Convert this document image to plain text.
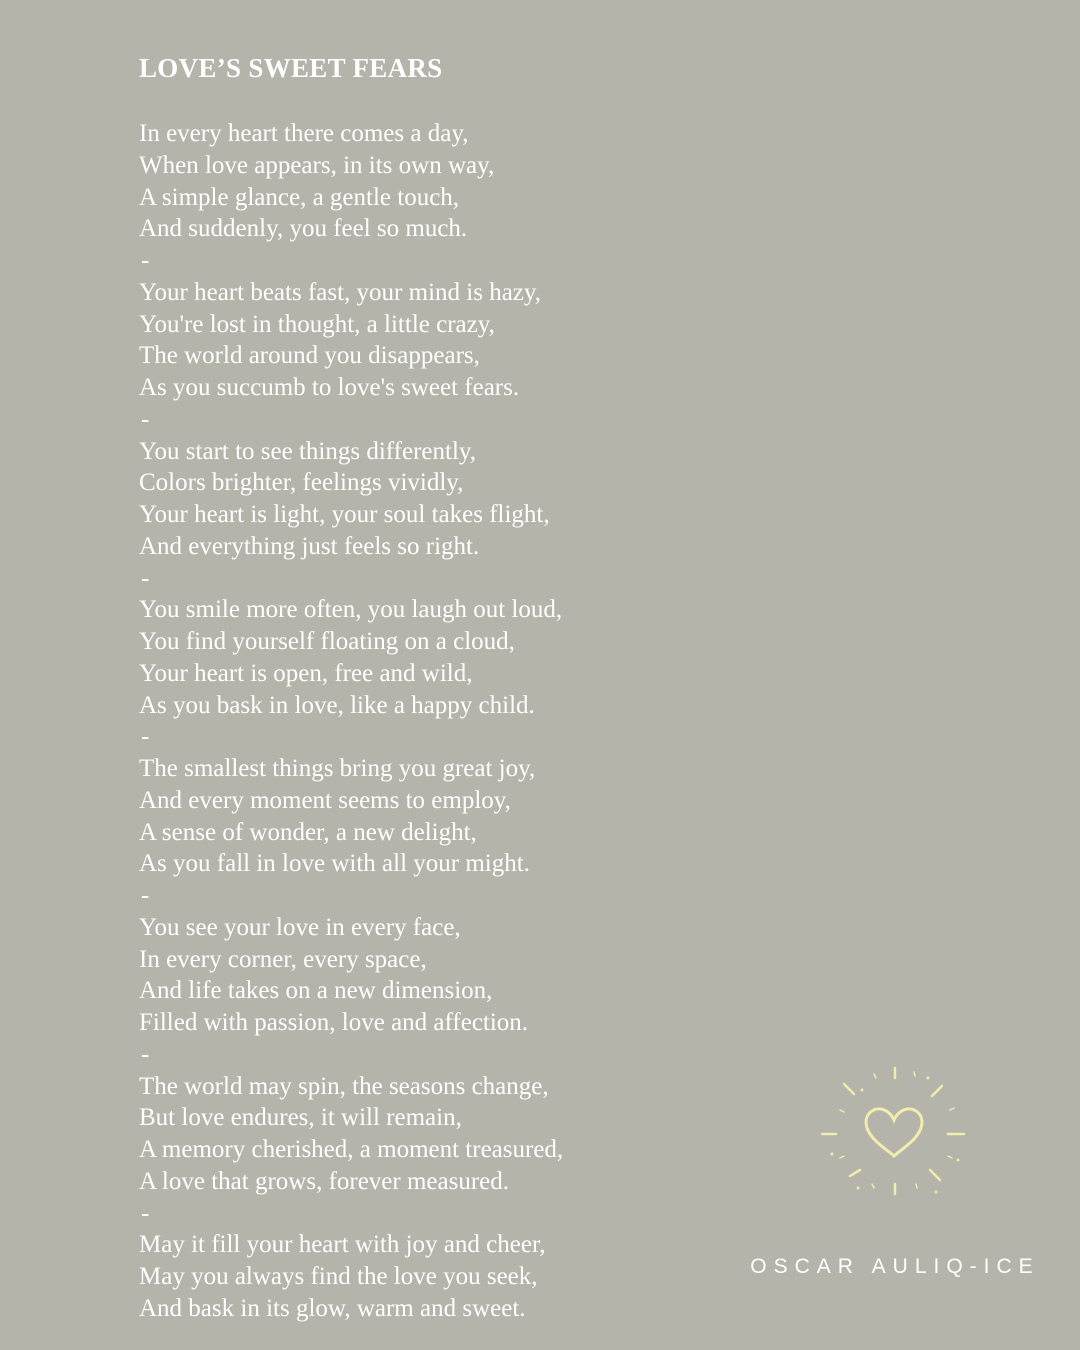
LOVE’S SWEET FEARS
In every heart there comes a day,
When love appears, in its own way,
A simple glance, a gentle touch,
And suddenly, you feel so much.
-
Your heart beats fast, your mind is hazy,
You're lost in thought, a little crazy,
The world around you disappears,
As you succumb to love's sweet fears.
-
You start to see things differently,
Colors brighter, feelings vividly,
Your heart is light, your soul takes flight,
And everything just feels so right.
-
You smile more often, you laugh out loud,
You find yourself floating on a cloud,
Your heart is open, free and wild,
As you bask in love, like a happy child.
-
The smallest things bring you great joy,
And every moment seems to employ,
A sense of wonder, a new delight,
As you fall in love with all your might.
-
You see your love in every face,
In every corner, every space,
And life takes on a new dimension,
Filled with passion, love and affection.
-
The world may spin, the seasons change,
But love endures, it will remain,
A memory cherished, a moment treasured,
A love that grows, forever measured.
-
May it fill your heart with joy and cheer,
May you always find the love you seek,
And bask in its glow, warm and sweet.
OSCAR AULIQ-ICE
